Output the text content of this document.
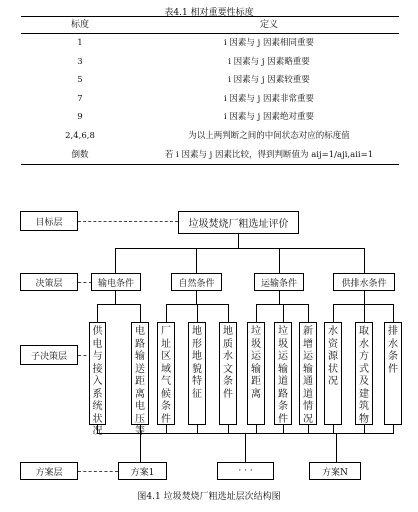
表4.1 相对重要性标度
标度	定义
1	i 因素与 j 因素相同重要
3	i 因素与 j 因素略重要
5	i 因素与 j 因素较重要
7	i 因素与 j 因素非常重要
9	i 因素与 j 因素绝对重要
2,4,6,8	为以上两判断之间的中间状态对应的标度值
倒数	若 i 因素与 j 因素比较，得到判断值为 aij=1/aji,aii=1
目标层
决策层
子决策层
方案层
垃圾焚烧厂粗选址评价
输电条件	自然条件	运输条件	供排水条件
供
电
与
接
入
系
统
状
况
电
路
输
送
距
离
电
压
等
厂
址
区
域
气
候
条
件
地
形
地
貌
特
征
地
质
水
文
条
件
垃
圾
运
输
距
离
垃
圾
运
输
道
路
条
件
新
增
运
输
通
道
情
况
水
资
源
状
况
取
水
方
式
及
建
筑
物
排
水
条
件
方案1	· · ·	方案N
图4.1 垃圾焚烧厂粗选址层次结构图
